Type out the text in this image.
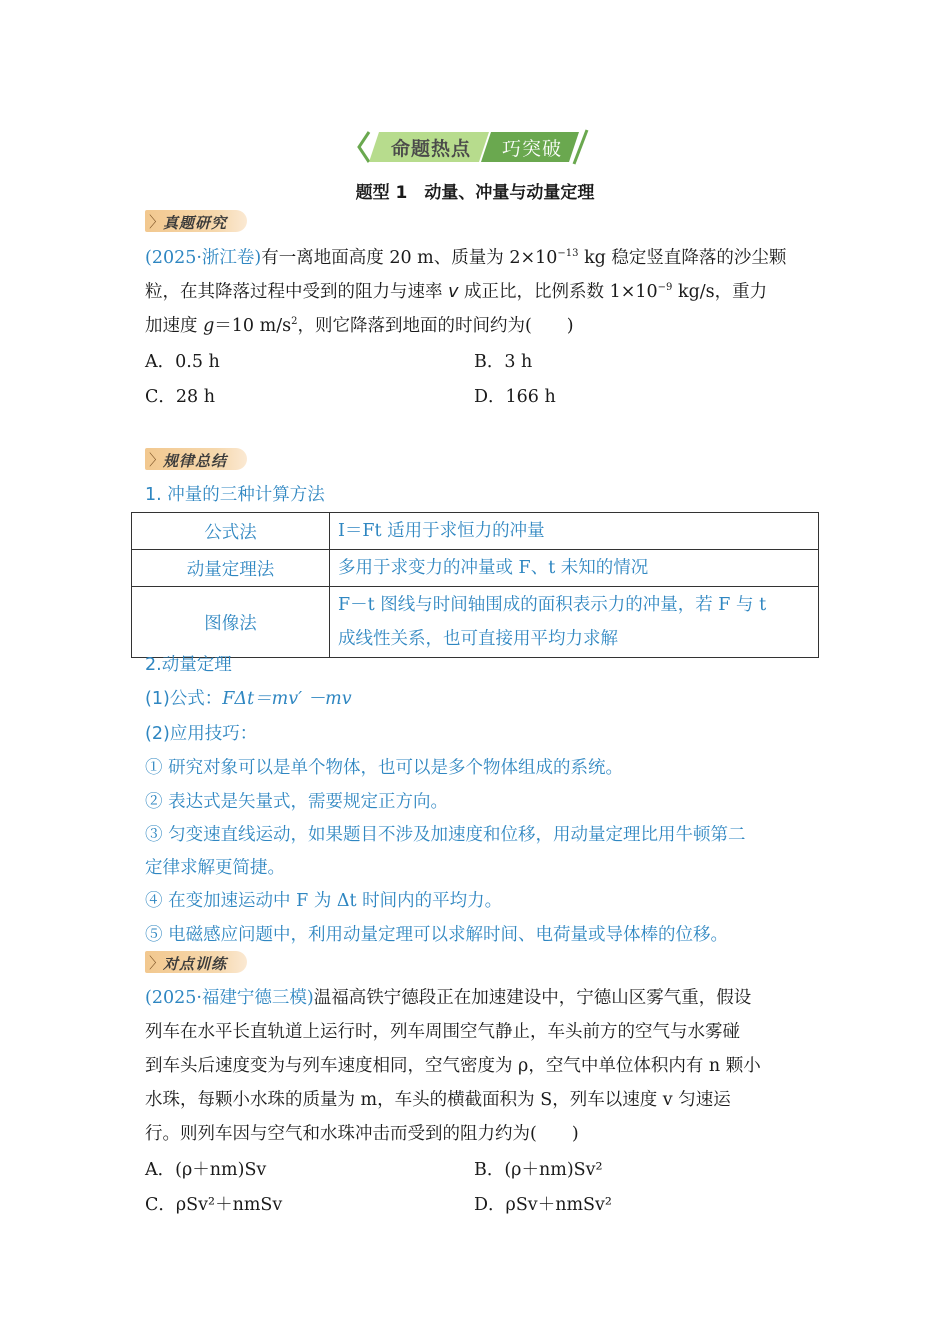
命题热点	巧突破
题型 1　动量、冲量与动量定理
〉
真题研究
(2025·浙江卷)有一离地面高度 20 m、质量为 $2\times 10^{-13}$ kg 稳定竖直降落的沙尘颗
粒，在其降落过程中受到的阻力与速率 v 成正比，比例系数 $1\times 10^{-9}$ kg/s，重力
加速度 g＝10 $m/s^2$，则它降落到地面的时间约为(　　)
A．0.5 h	B．3 h
C．28 h	D．166 h
〉
规律总结
1. 冲量的三种计算方法
公式法	I＝Ft 适用于求恒力的冲量
动量定理法	多用于求变力的冲量或 F、t 未知的情况
图像法	F－t 图线与时间轴围成的面积表示力的冲量，若 F 与 t
成线性关系，也可直接用平均力求解
2.动量定理
(1)公式：FΔt＝mv′ －mv
(2)应用技巧：
① 研究对象可以是单个物体，也可以是多个物体组成的系统。
② 表达式是矢量式，需要规定正方向。
③ 匀变速直线运动，如果题目不涉及加速度和位移，用动量定理比用牛顿第二
定律求解更简捷。
④ 在变加速运动中 F 为 Δt 时间内的平均力。
⑤ 电磁感应问题中，利用动量定理可以求解时间、电荷量或导体棒的位移。
〉
对点训练
(2025·福建宁德三模)温福高铁宁德段正在加速建设中，宁德山区雾气重，假设
列车在水平长直轨道上运行时，列车周围空气静止，车头前方的空气与水雾碰
到车头后速度变为与列车速度相同，空气密度为 ρ，空气中单位体积内有 n 颗小
水珠，每颗小水珠的质量为 m，车头的横截面积为 S，列车以速度 v 匀速运
行。则列车因与空气和水珠冲击而受到的阻力约为(　　)
A．(ρ＋nm)Sv	B．(ρ＋nm)Sv²
C．ρSv²＋nmSv	D．ρSv＋nmSv²
